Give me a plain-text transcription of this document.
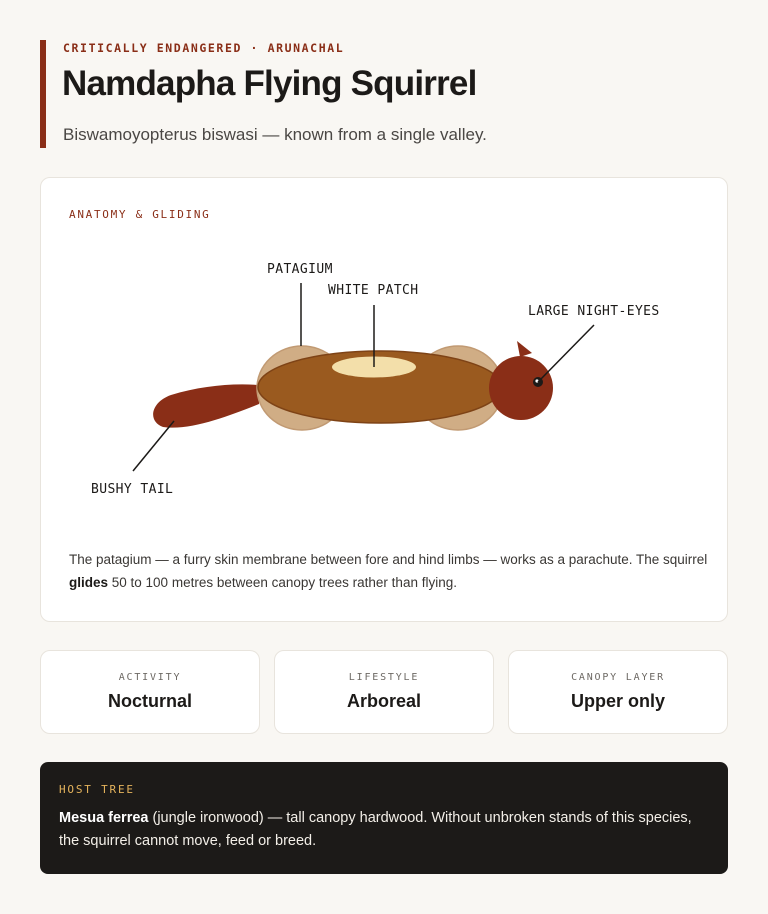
CRITICALLY ENDANGERED · ARUNACHAL
Namdapha Flying Squirrel
Biswamoyopterus biswasi — known from a single valley.
ANATOMY & GLIDING
PATAGIUM
WHITE PATCH
LARGE NIGHT-EYES
BUSHY TAIL
The patagium — a furry skin membrane between fore and hind limbs — works as a parachute. The squirrel glides 50 to 100 metres between canopy trees rather than flying.
ACTIVITY
Nocturnal
LIFESTYLE
Arboreal
CANOPY LAYER
Upper only
HOST TREE
Mesua ferrea (jungle ironwood) — tall canopy hardwood. Without unbroken stands of this species, the squirrel cannot move, feed or breed.
